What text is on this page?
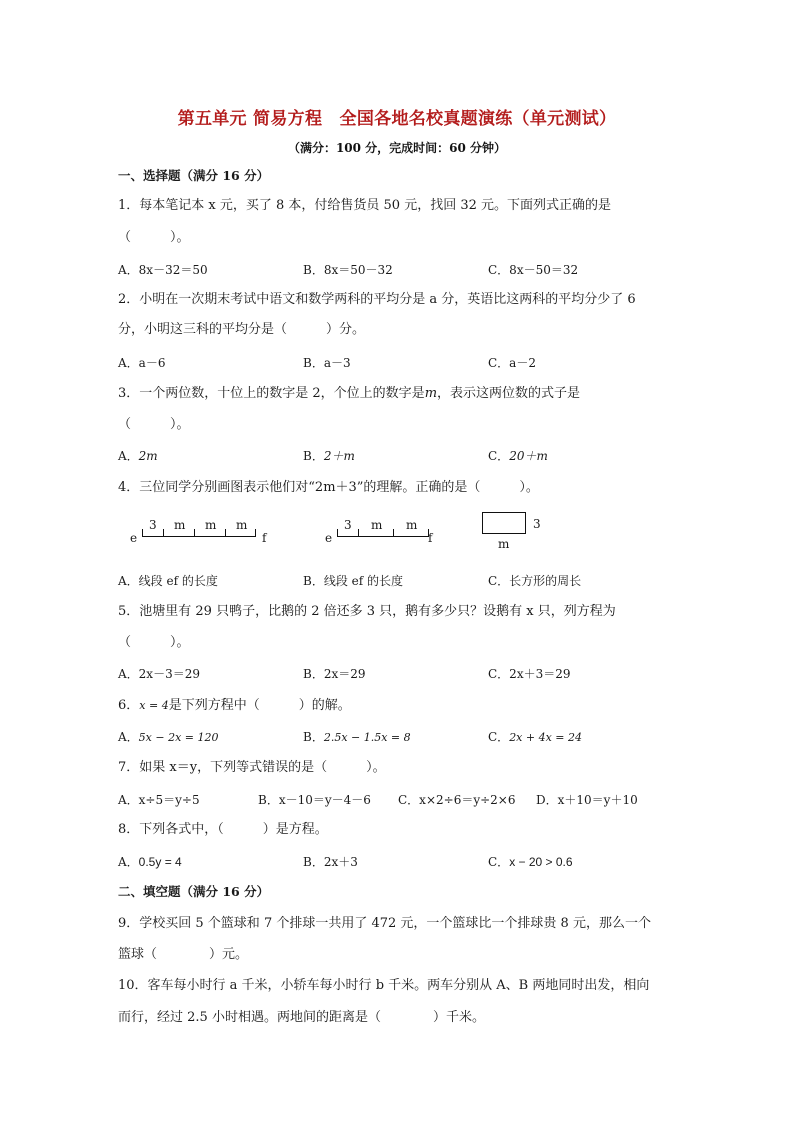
第五单元 简易方程　全国各地名校真题演练（单元测试）
（满分：100 分，完成时间：60 分钟）
一、选择题（满分 16 分）
1．每本笔记本 x 元，买了 8 本，付给售货员 50 元，找回 32 元。下面列式正确的是
（　　　）。
A．8x－32＝50	B．8x＝50－32	C．8x－50＝32
2．小明在一次期末考试中语文和数学两科的平均分是 a 分，英语比这两科的平均分少了 6
分，小明这三科的平均分是（　　　）分。
A．a－6	B．a－3	C．a－2
3．一个两位数，十位上的数字是 2，个位上的数字是m，表示这两位数的式子是
（　　　）。
A．2m	B．2＋m	C．20＋m
4．三位同学分别画图表示他们对“2m＋3”的理解。正确的是（　　　）。
e
3 m m m
f	e
3 m m
f
3
m
A．线段 ef 的长度	B．线段 ef 的长度	C．长方形的周长
5．池塘里有 29 只鸭子，比鹅的 2 倍还多 3 只，鹅有多少只？设鹅有 x 只，列方程为
（　　　）。
A．2x－3＝29	B．2x＝29	C．2x＋3＝29
6．x = 4是下列方程中（　　　）的解。
A．5x − 2x = 120	B．2.5x − 1.5x = 8	C．2x + 4x = 24
7．如果 x＝y，下列等式错误的是（　　　）。
A．x÷5＝y÷5	B．x－10＝y－4－6 C．x×2÷6＝y÷2×6 D．x＋10＝y＋10
8．下列各式中，（　　　）是方程。
A．0.5y = 4	B．2x＋3	C．x − 20 > 0.6
二、填空题（满分 16 分）
9．学校买回 5 个篮球和 7 个排球一共用了 472 元，一个篮球比一个排球贵 8 元，那么一个
篮球（　　　　）元。
10．客车每小时行 a 千米，小轿车每小时行 b 千米。两车分别从 A、B 两地同时出发，相向
而行，经过 2.5 小时相遇。两地间的距离是（　　　　）千米。
